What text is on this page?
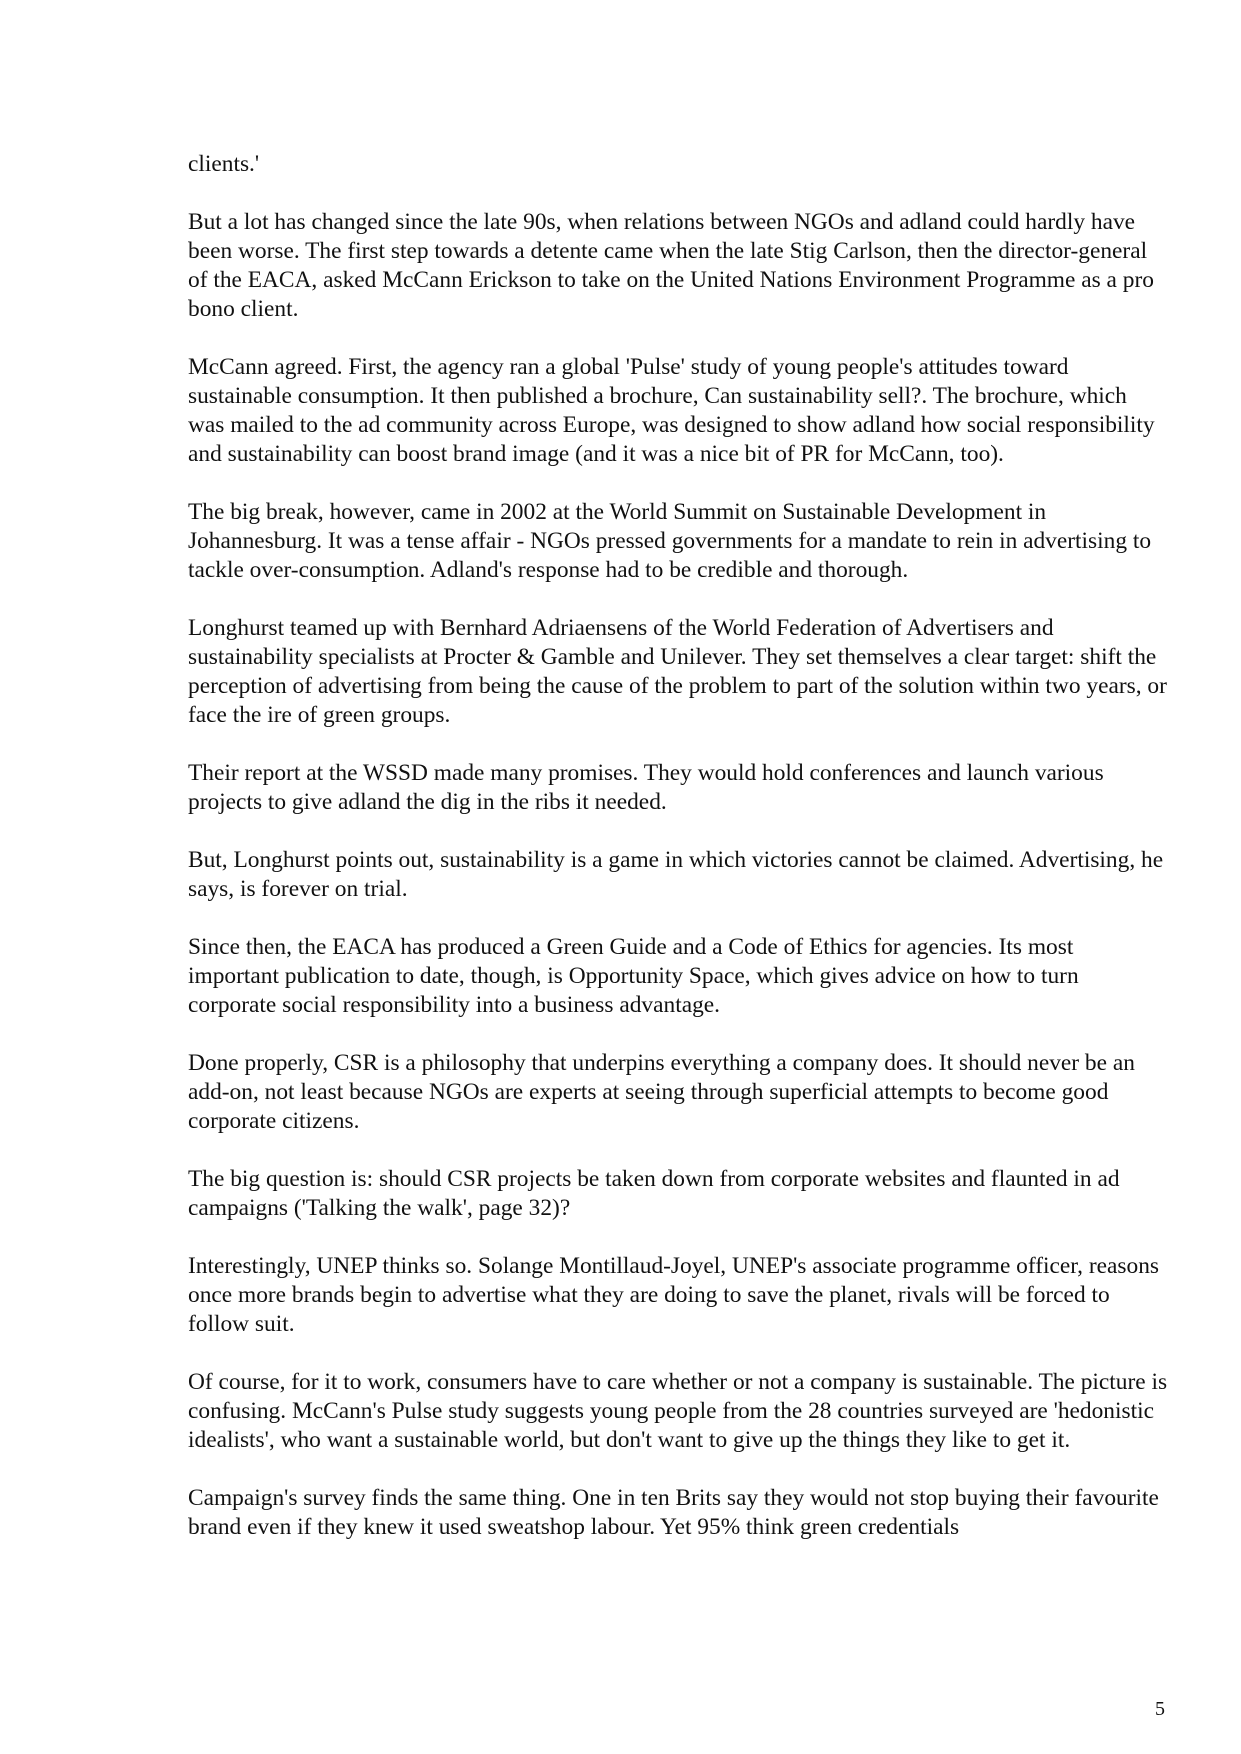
clients.'

But a lot has changed since the late 90s, when relations between NGOs and adland could hardly have been worse. The first step towards a detente came when the late Stig Carlson, then the director-general of the EACA, asked McCann Erickson to take on the United Nations Environment Programme as a pro bono client.

McCann agreed. First, the agency ran a global 'Pulse' study of young people's attitudes toward sustainable consumption. It then published a brochure, Can sustainability sell?. The brochure, which was mailed to the ad community across Europe, was designed to show adland how social responsibility and sustainability can boost brand image (and it was a nice bit of PR for McCann, too).

The big break, however, came in 2002 at the World Summit on Sustainable Development in Johannesburg. It was a tense affair - NGOs pressed governments for a mandate to rein in advertising to tackle over-consumption. Adland's response had to be credible and thorough.

Longhurst teamed up with Bernhard Adriaensens of the World Federation of Advertisers and sustainability specialists at Procter & Gamble and Unilever. They set themselves a clear target: shift the perception of advertising from being the cause of the problem to part of the solution within two years, or face the ire of green groups.

Their report at the WSSD made many promises. They would hold conferences and launch various projects to give adland the dig in the ribs it needed.

But, Longhurst points out, sustainability is a game in which victories cannot be claimed. Advertising, he says, is forever on trial.

Since then, the EACA has produced a Green Guide and a Code of Ethics for agencies. Its most important publication to date, though, is Opportunity Space, which gives advice on how to turn corporate social responsibility into a business advantage.

Done properly, CSR is a philosophy that underpins everything a company does. It should never be an add-on, not least because NGOs are experts at seeing through superficial attempts to become good corporate citizens.

The big question is: should CSR projects be taken down from corporate websites and flaunted in ad campaigns ('Talking the walk', page 32)?

Interestingly, UNEP thinks so. Solange Montillaud-Joyel, UNEP's associate programme officer, reasons once more brands begin to advertise what they are doing to save the planet, rivals will be forced to follow suit.

Of course, for it to work, consumers have to care whether or not a company is sustainable. The picture is confusing. McCann's Pulse study suggests young people from the 28 countries surveyed are 'hedonistic idealists', who want a sustainable world, but don't want to give up the things they like to get it.

Campaign's survey finds the same thing. One in ten Brits say they would not stop buying their favourite brand even if they knew it used sweatshop labour. Yet 95% think green credentials

5
